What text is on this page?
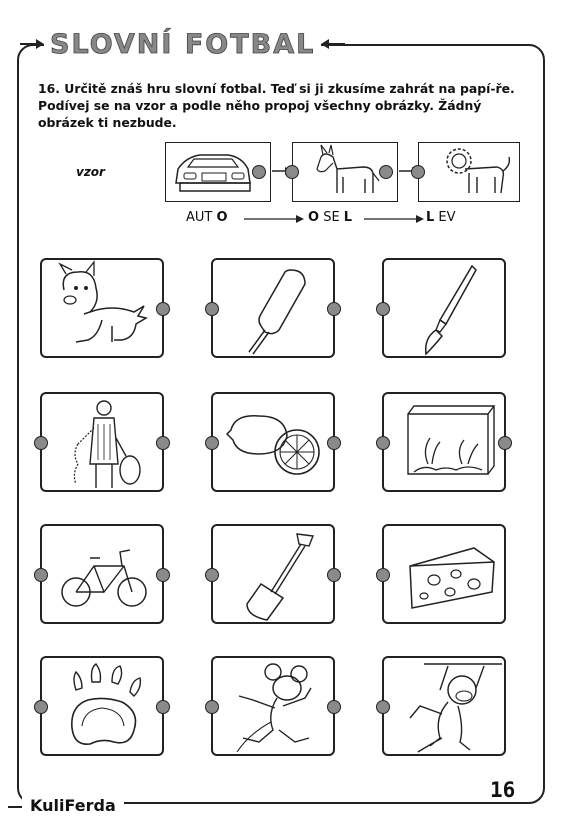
SLOVNÍ FOTBAL
16. Určitě znáš hru slovní fotbal. Teď si ji zkusíme zahrát na papí-ře. Podívej se na vzor a podle něho propoj všechny obrázky. Žádný obrázek ti nezbude.
vzor
AUT O	O SE L	L EV
KuliFerda
16
